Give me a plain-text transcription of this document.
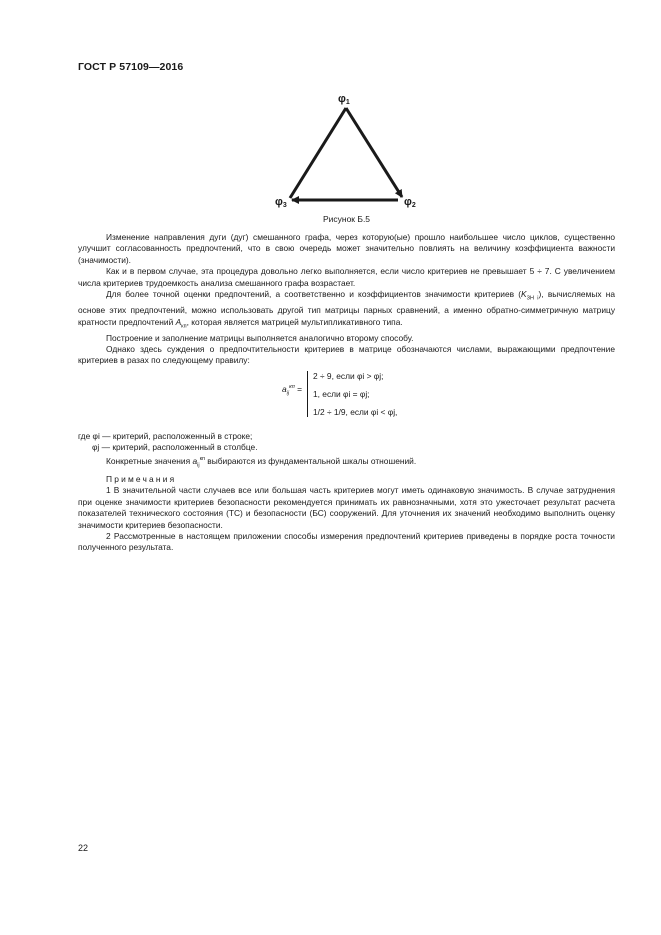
ГОСТ Р 57109—2016
φ1
φ2
φ3
Рисунок Б.5

Изменение направления дуги (дуг) смешанного графа, через которую(ые) прошло наибольшее число циклов, существенно улучшит согласованность предпочтений, что в свою очередь может значительно повлиять на величину коэффициента важности (значимости).

Как и в первом случае, эта процедура довольно легко выполняется, если число критериев не превышает 5 ÷ 7. С увеличением числа критериев трудоемкость анализа смешанного графа возрастает.

Для более точной оценки предпочтений, а соответственно и коэффициентов значимости критериев $(K_{ЗН i})$, вычисляемых на основе этих предпочтений, можно использовать другой тип матрицы парных сравнений, а именно обратно-симметричную матрицу кратности предпочтений $A_{кп}$, которая является матрицей мультипликативного типа.

Построение и заполнение матрицы выполняется аналогично второму способу.

Однако здесь суждения о предпочтительности критериев в матрице обозначаются числами, выражающими предпочтение критериев в разах по следующему правилу:

$a_{ij}^{кп}$ =
2 ÷ 9, если φi > φj;
1, если φi = φj;
1/2 ÷ 1/9, если φi < φj,
где φi — критерий, расположенный в строке;
φj — критерий, расположенный в столбце.
Конкретные значения $a_{ij}^{кп}$ выбираются из фундаментальной шкалы отношений.

Примечания

1 В значительной части случаев все или большая часть критериев могут иметь одинаковую значимость. В случае затруднения при оценке значимости критериев безопасности рекомендуется принимать их равнозначными, хотя это ужесточает результат расчета показателей технического состояния (ТС) и безопасности (БС) сооружений. Для уточнения их значений необходимо выполнить оценку значимости критериев безопасности.

2 Рассмотренные в настоящем приложении способы измерения предпочтений критериев приведены в порядке роста точности полученного результата.

22
